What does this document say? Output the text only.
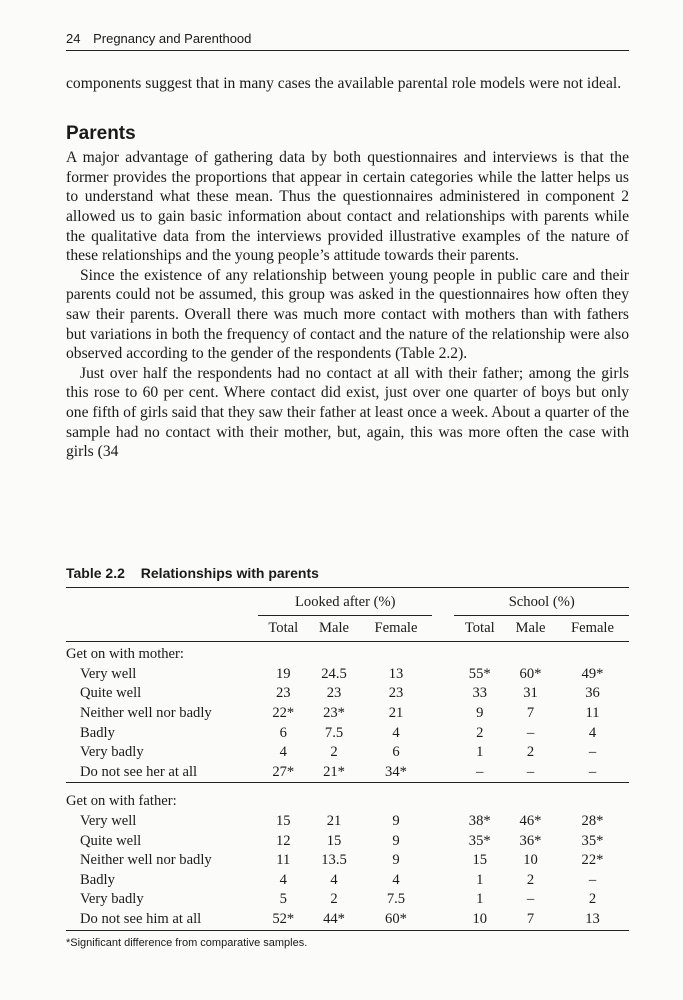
24 Pregnancy and Parenthood

components suggest that in many cases the available parental role models were not ideal.

Parents

A major advantage of gathering data by both questionnaires and interviews is that the former provides the proportions that appear in certain categories while the latter helps us to understand what these mean. Thus the questionnaires administered in component 2 allowed us to gain basic information about contact and relationships with parents while the qualitative data from the interviews provided illustrative examples of the nature of these relationships and the young people’s attitude towards their parents.

Since the existence of any relationship between young people in public care and their parents could not be assumed, this group was asked in the questionnaires how often they saw their parents. Overall there was much more contact with mothers than with fathers but variations in both the frequency of contact and the nature of the relationship were also observed according to the gender of the respondents (Table 2.2).

Just over half the respondents had no contact at all with their father; among the girls this rose to 60 per cent. Where contact did exist, just over one quarter of boys but only one fifth of girls said that they saw their father at least once a week. About a quarter of the sample had no contact with their mother, but, again, this was more often the case with girls (34

Table 2.2 Relationships with parents
	Looked after (%)				School (%)		
	Total	Male	Female		Total	Male	Female
Get on with mother:							
Very well	19	24.5	13		55*	60*	49*
Quite well	23	23	23		33	31	36
Neither well nor badly	22*	23*	21		9	7	11
Badly	6	7.5	4		2	–	4
Very badly	4	2	6		1	2	–
Do not see her at all	27*	21*	34*		–	–	–
Get on with father:							
Very well	15	21	9		38*	46*	28*
Quite well	12	15	9		35*	36*	35*
Neither well nor badly	11	13.5	9		15	10	22*
Badly	4	4	4		1	2	–
Very badly	5	2	7.5		1	–	2
Do not see him at all	52*	44*	60*		10	7	13
*Significant difference from comparative samples.
